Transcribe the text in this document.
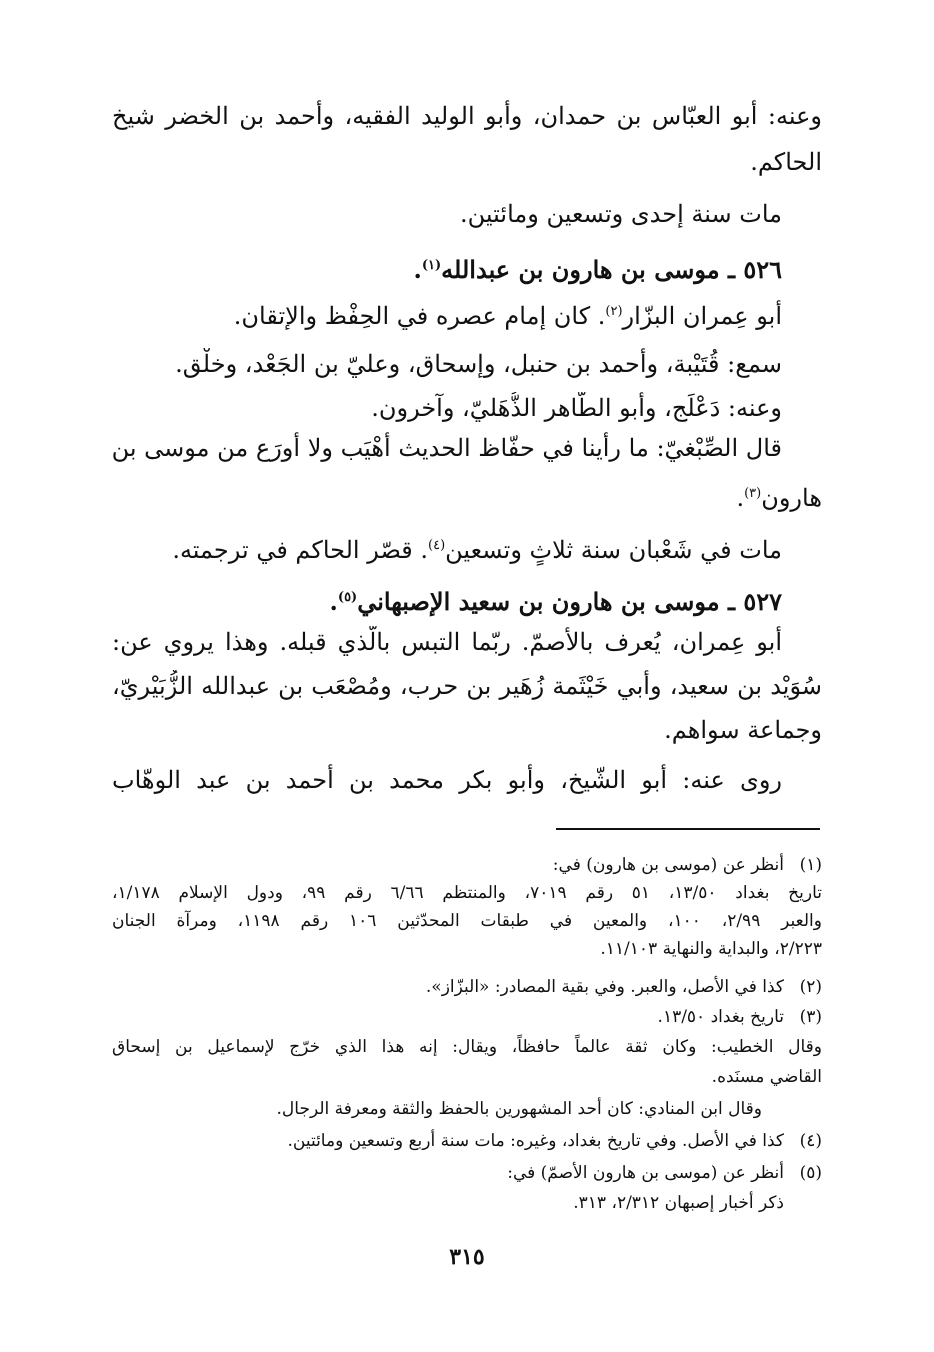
وعنه: أبو العبّاس بن حمدان، وأبو الوليد الفقيه، وأحمد بن الخضر شيخ
الحاكم.
مات سنة إحدى وتسعين ومائتين.
٥٢٦ ـ موسى بن هارون بن عبدالله$^{(١)}$.
أبو عِمران البزّار$^{(٢)}$. كان إمام عصره في الحِفْظ والإتقان.
سمع: قُتَيْبة، وأحمد بن حنبل، وإسحاق، وعليّ بن الجَعْد، وخلْق.
وعنه: دَعْلَج، وأبو الطّاهر الذُّهَليّ، وآخرون.
قال الصِّبْغيّ: ما رأينا في حفّاظ الحديث أهْيَب ولا أورَع من موسى بن
هارون$^{(٣)}$.
مات في شَعْبان سنة ثلاثٍ وتسعين$^{(٤)}$. قصّر الحاكم في ترجمته.
٥٢٧ ـ موسى بن هارون بن سعيد الإصبهاني$^{(٥)}$.
أبو عِمران، يُعرف بالأصمّ. ربّما التبس بالّذي قبله. وهذا يروي عن:
سُوَيْد بن سعيد، وأبي خَيْثَمة زُهَير بن حرب، ومُصْعَب بن عبدالله الزُّبَيْريّ،
وجماعة سواهم.
روى عنه: أبو الشّيخ، وأبو بكر محمد بن أحمد بن عبد الوهّاب
(١)أنظر عن (موسى بن هارون) في:
تاريخ بغداد ١٣/٥٠، ٥١ رقم ٧٠١٩، والمنتظم ٦/٦٦ رقم ٩٩، ودول الإسلام ١/١٧٨،
والعبر ٢/٩٩، ١٠٠، والمعين في طبقات المحدّثين ١٠٦ رقم ١١٩٨، ومرآة الجنان
٢/٢٢٣، والبداية والنهاية ١١/١٠٣.
(٢)كذا في الأصل، والعبر. وفي بقية المصادر: «البزّاز».
(٣)تاريخ بغداد ١٣/٥٠.
وقال الخطيب: وكان ثقة عالماً حافظاً، ويقال: إنه هذا الذي خرّج لإسماعيل بن إسحاق
القاضي مسنَده.
وقال ابن المنادي: كان أحد المشهورين بالحفظ والثقة ومعرفة الرجال.
(٤)كذا في الأصل. وفي تاريخ بغداد، وغيره: مات سنة أربع وتسعين ومائتين.
(٥)أنظر عن (موسى بن هارون الأصمّ) في:
ذكر أخبار إصبهان ٢/٣١٢، ٣١٣.
٣١٥
